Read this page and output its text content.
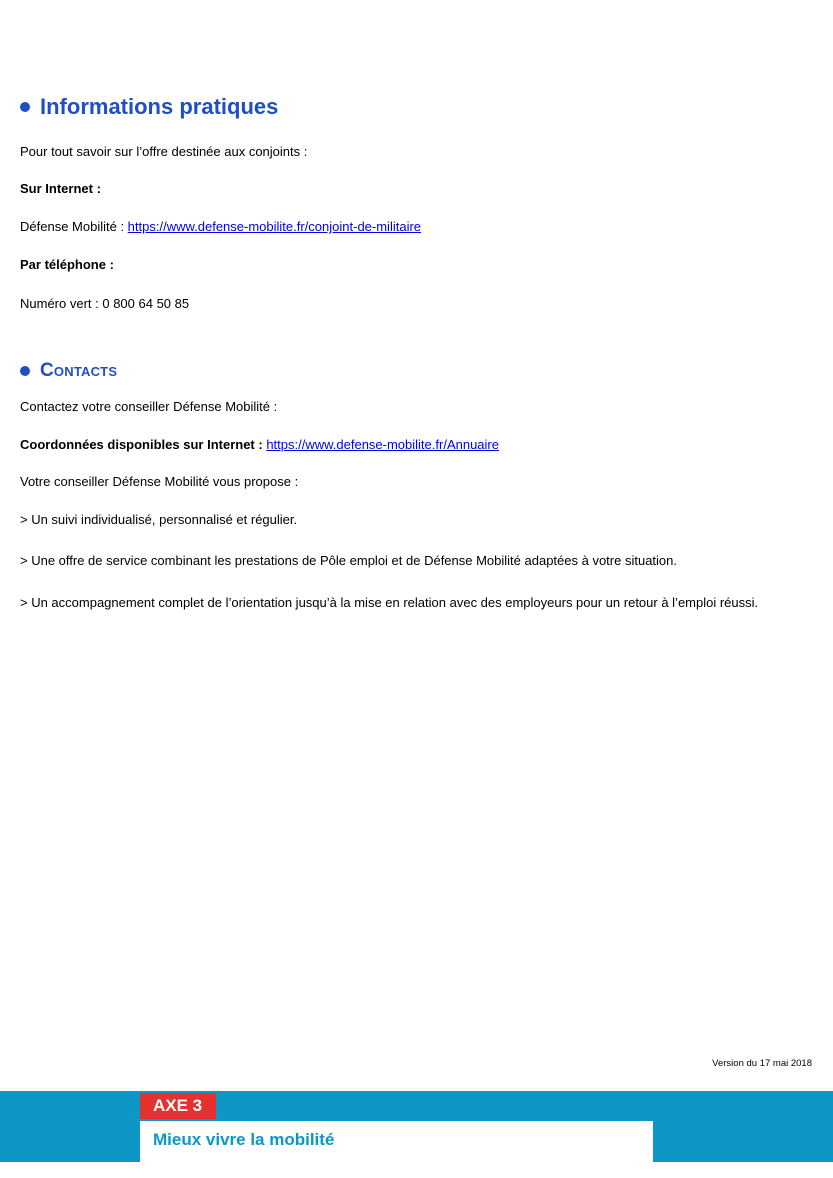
Informations pratiques

Pour tout savoir sur l’offre destinée aux conjoints :

Sur Internet :

Défense Mobilité : https://www.defense-mobilite.fr/conjoint-de-militaire

Par téléphone :

Numéro vert : 0 800 64 50 85

Contacts

Contactez votre conseiller Défense Mobilité :

Coordonnées disponibles sur Internet : https://www.defense-mobilite.fr/Annuaire

Votre conseiller Défense Mobilité vous propose :

> Un suivi individualisé, personnalisé et régulier.

> Une offre de service combinant les prestations de Pôle emploi et de Défense Mobilité adaptées à votre situation.

> Un accompagnement complet de l’orientation jusqu’à la mise en relation avec des employeurs pour un retour à l’emploi réussi.

Version du 17 mai 2018
AXE 3
Mieux vivre la mobilité
